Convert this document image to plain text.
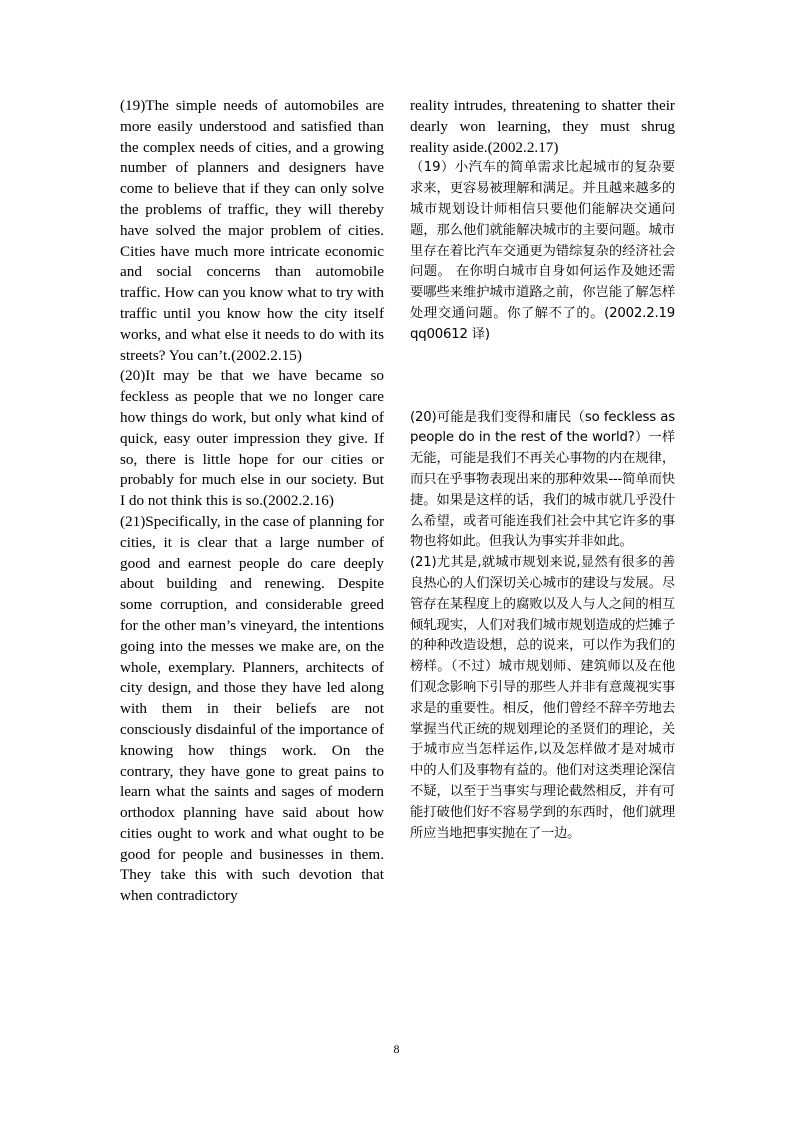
(19)The simple needs of automobiles are more easily understood and satisfied than the complex needs of cities, and a growing number of planners and designers have come to believe that if they can only solve the problems of traffic, they will thereby have solved the major problem of cities. Cities have much more intricate economic and social concerns than automobile traffic. How can you know what to try with traffic until you know how the city itself works, and what else it needs to do with its streets? You can’t.(2002.2.15)

(20)It may be that we have became so feckless as people that we no longer care how things do work, but only what kind of quick, easy outer impression they give. If so, there is little hope for our cities or probably for much else in our society. But I do not think this is so.(2002.2.16)

(21)Specifically, in the case of planning for cities, it is clear that a large number of good and earnest people do care deeply about building and renewing. Despite some corruption, and considerable greed for the other man’s vineyard, the intentions going into the messes we make are, on the whole, exemplary. Planners, architects of city design, and those they have led along with them in their beliefs are not consciously disdainful of the importance of knowing how things work. On the contrary, they have gone to great pains to learn what the saints and sages of modern orthodox planning have said about how cities ought to work and what ought to be good for people and businesses in them. They take this with such devotion that when contradictory

reality intrudes, threatening to shatter their dearly won learning, they must shrug reality aside.(2002.2.17)

（19）小汽车的简单需求比起城市的复杂要求来，更容易被理解和满足。并且越来越多的城市规划设计师相信只要他们能解决交通问题，那么他们就能解决城市的主要问题。城市里存在着比汽车交通更为错综复杂的经济社会问题。 在你明白城市自身如何运作及她还需要哪些来维护城市道路之前，你岂能了解怎样处理交通问题。你了解不了的。(2002.2.19 qq00612 译)

(20)可能是我们变得和庸民（so feckless as people do in the rest of the world?）一样无能，可能是我们不再关心事物的内在规律，而只在乎事物表现出来的那种效果---简单而快捷。如果是这样的话，我们的城市就几乎没什么希望，或者可能连我们社会中其它许多的事物也将如此。但我认为事实并非如此。

(21)尤其是,就城市规划来说,显然有很多的善良热心的人们深切关心城市的建设与发展。尽管存在某程度上的腐败以及人与人之间的相互倾轧现实，人们对我们城市规划造成的烂摊子的种种改造设想，总的说来，可以作为我们的榜样。（不过）城市规划师、建筑师以及在他们观念影响下引导的那些人并非有意蔑视实事求是的重要性。相反，他们曾经不辞辛劳地去掌握当代正统的规划理论的圣贤们的理论，关于城市应当怎样运作,以及怎样做才是对城市中的人们及事物有益的。他们对这类理论深信不疑，以至于当事实与理论截然相反，并有可能打破他们好不容易学到的东西时，他们就理所应当地把事实抛在了一边。

8
